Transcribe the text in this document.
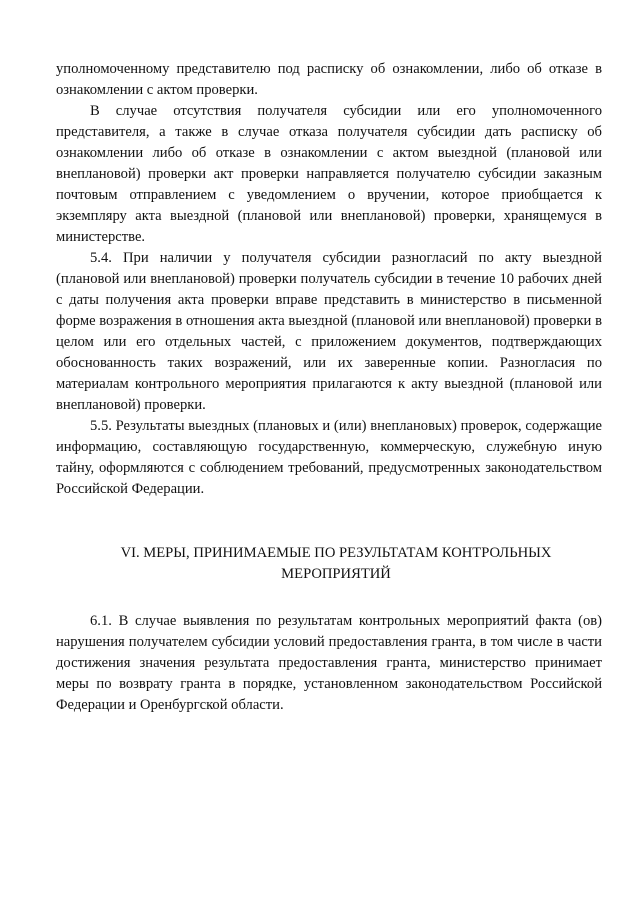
уполномоченному представителю под расписку об ознакомлении, либо об отказе в ознакомлении с актом проверки.

В случае отсутствия получателя субсидии или его уполномоченного представителя, а также в случае отказа получателя субсидии дать расписку об ознакомлении либо об отказе в ознакомлении с актом выездной (плановой или внеплановой) проверки акт проверки направляется получателю субсидии заказным почтовым отправлением с уведомлением о вручении, которое приобщается к экземпляру акта выездной (плановой или внеплановой) проверки, хранящемуся в министерстве.

5.4. При наличии у получателя субсидии разногласий по акту выездной (плановой или внеплановой) проверки получатель субсидии в течение 10 рабочих дней с даты получения акта проверки вправе представить в министерство в письменной форме возражения в отношения акта выездной (плановой или внеплановой) проверки в целом или его отдельных частей, с приложением документов, подтверждающих обоснованность таких возражений, или их заверенные копии. Разногласия по материалам контрольного мероприятия прилагаются к акту выездной (плановой или внеплановой) проверки.

5.5. Результаты выездных (плановых и (или) внеплановых) проверок, содержащие информацию, составляющую государственную, коммерческую, служебную иную тайну, оформляются с соблюдением требований, предусмотренных законодательством Российской Федерации.

VI. МЕРЫ, ПРИНИМАЕМЫЕ ПО РЕЗУЛЬТАТАМ КОНТРОЛЬНЫХ
МЕРОПРИЯТИЙ

6.1. В случае выявления по результатам контрольных мероприятий факта (ов) нарушения получателем субсидии условий предоставления гранта, в том числе в части достижения значения результата предоставления гранта, министерство принимает меры по возврату гранта в порядке, установленном законодательством Российской Федерации и Оренбургской области.
